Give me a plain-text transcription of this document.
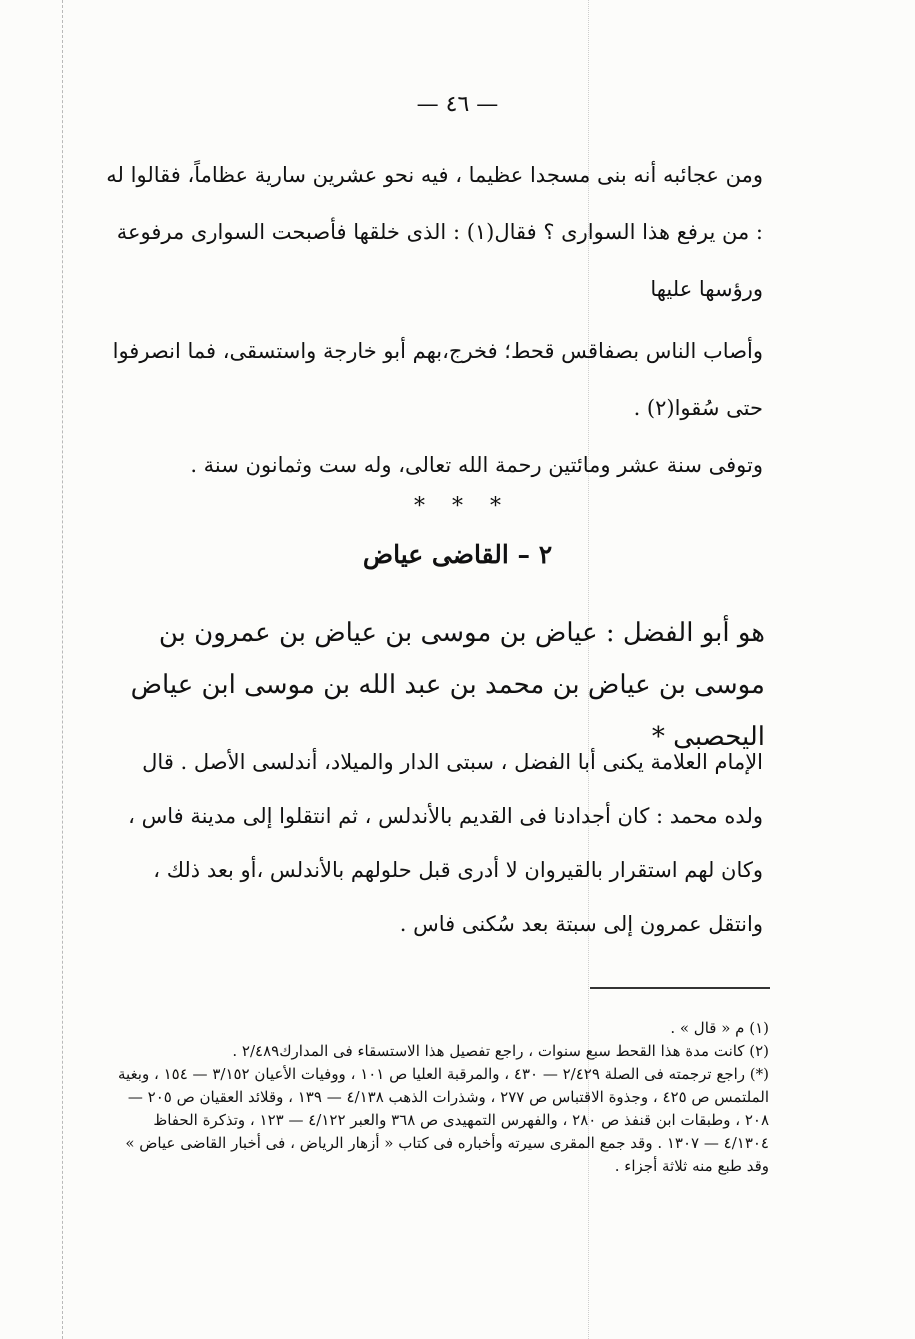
— ٤٦ —

ومن عجائبه أنه بنى مسجدا عظيما ، فيه نحو عشرين سارية عظاماً، فقالوا له : من يرفع هذا السوارى ؟ فقال(١) : الذى خلقها فأصبحت السوارى مرفوعة ورؤسها عليها

وأصاب الناس بصفاقس قحط؛ فخرج،بهم أبو خارجة واستسقى، فما انصرفوا حتى سُقوا(٢) .

وتوفى سنة عشر ومائتين رحمة الله تعالى، وله ست وثمانون سنة .

* * *
٢ – القاضى عياض
هو أبو الفضل : عياض بن موسى بن عياض بن عمرون بن موسى بن عياض بن محمد بن عبد الله بن موسى ابن عياض اليحصبى *

الإمام العلامة يكنى أبا الفضل ، سبتى الدار والميلاد، أندلسى الأصل . قال ولده محمد : كان أجدادنا فى القديم بالأندلس ، ثم انتقلوا إلى مدينة فاس ، وكان لهم استقرار بالقيروان لا أدرى قبل حلولهم بالأندلس ،أو بعد ذلك ، وانتقل عمرون إلى سبتة بعد سُكنى فاس .

(١) م « قال » .

(٢) كانت مدة هذا القحط سبع سنوات ، راجع تفصيل هذا الاستسقاء فى المدارك٢/٤٨٩ .

(*) راجع ترجمته فى الصلة ٢/٤٢٩ — ٤٣٠ ، والمرقبة العليا ص ١٠١ ، ووفيات الأعيان ٣/١٥٢ — ١٥٤ ، وبغية الملتمس ص ٤٢٥ ، وجذوة الاقتباس ص ٢٧٧ ، وشذرات الذهب ٤/١٣٨ — ١٣٩ ، وقلائد العقيان ص ٢٠٥ — ٢٠٨ ، وطبقات ابن قنفذ ص ٢٨٠ ، والفهرس التمهيدى ص ٣٦٨ والعبر ٤/١٢٢ — ١٢٣ ، وتذكرة الحفاظ ٤/١٣٠٤ — ١٣٠٧ . وقد جمع المقرى سيرته وأخباره فى كتاب « أزهار الرياض ، فى أخبار القاضى عياض » وقد طبع منه ثلاثة أجزاء .
